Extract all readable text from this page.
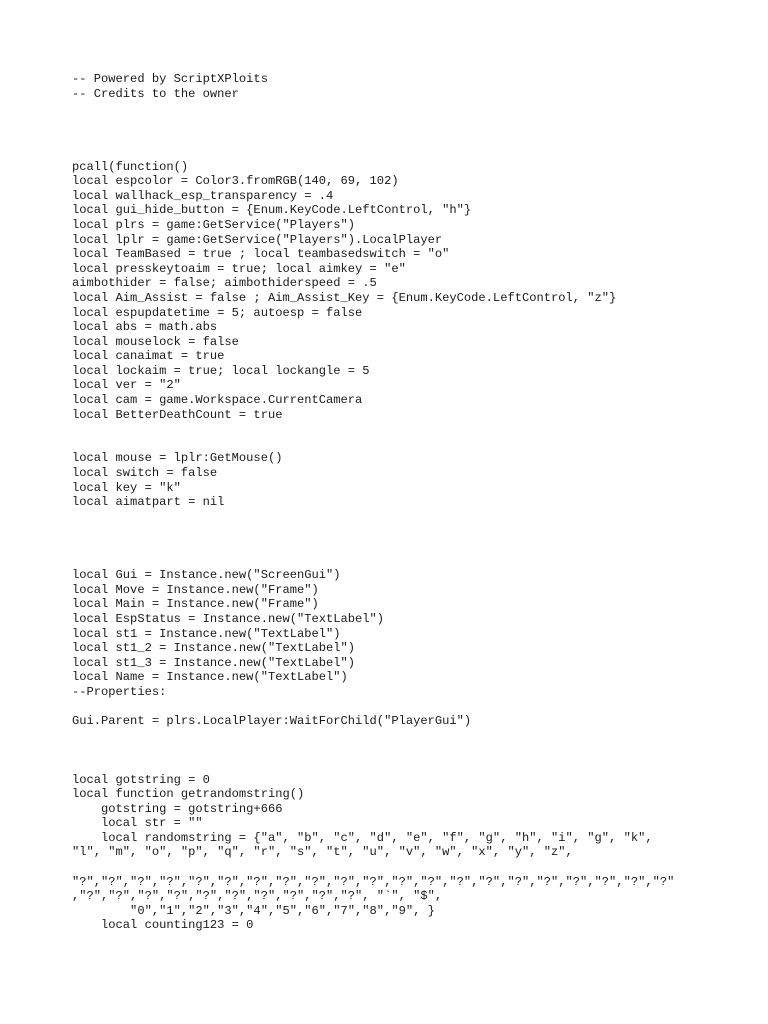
-- Powered by ScriptXPloits
-- Credits to the owner
pcall(function()
local espcolor = Color3.fromRGB(140, 69, 102)
local wallhack_esp_transparency = .4
local gui_hide_button = {Enum.KeyCode.LeftControl, "h"}
local plrs = game:GetService("Players")
local lplr = game:GetService("Players").LocalPlayer
local TeamBased = true ; local teambasedswitch = "o"
local presskeytoaim = true; local aimkey = "e"
aimbothider = false; aimbothiderspeed = .5
local Aim_Assist = false ; Aim_Assist_Key = {Enum.KeyCode.LeftControl, "z"}
local espupdatetime = 5; autoesp = false
local abs = math.abs
local mouselock = false
local canaimat = true
local lockaim = true; local lockangle = 5
local ver = "2"
local cam = game.Workspace.CurrentCamera
local BetterDeathCount = true
local mouse = lplr:GetMouse()
local switch = false
local key = "k"
local aimatpart = nil
local Gui = Instance.new("ScreenGui")
local Move = Instance.new("Frame")
local Main = Instance.new("Frame")
local EspStatus = Instance.new("TextLabel")
local st1 = Instance.new("TextLabel")
local st1_2 = Instance.new("TextLabel")
local st1_3 = Instance.new("TextLabel")
local Name = Instance.new("TextLabel")
--Properties:
Gui.Parent = plrs.LocalPlayer:WaitForChild("PlayerGui")
local gotstring = 0
local function getrandomstring()
gotstring = gotstring+666
local str = ""
local randomstring = {"a", "b", "c", "d", "e", "f", "g", "h", "i", "g", "k",
"l", "m", "o", "p", "q", "r", "s", "t", "u", "v", "w", "x", "y", "z",
"?","?","?","?","?","?","?","?","?","?","?","?","?","?","?","?","?","?","?","?","?"
,"?","?","?","?","?","?","?","?","?","?", "`", "$",
"0","1","2","3","4","5","6","7","8","9", }
local counting123 = 0
